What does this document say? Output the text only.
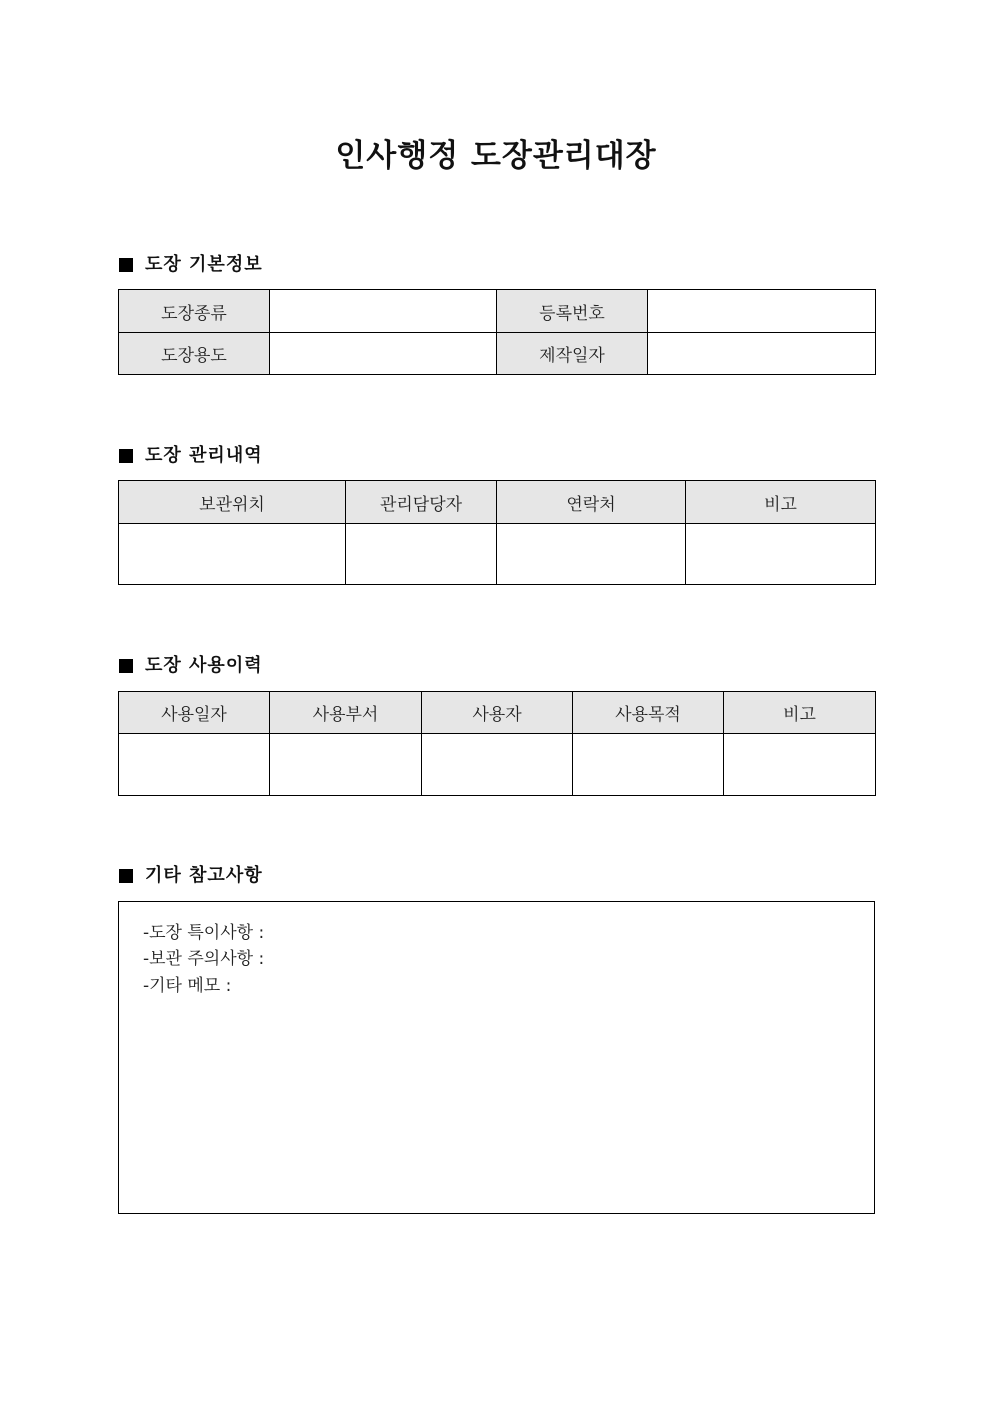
인사행정 도장관리대장
도장 기본정보
도장종류		등록번호	
도장용도		제작일자	
도장 관리내역
보관위치	관리담당자	연락처	비고

도장 사용이력
사용일자	사용부서	사용자	사용목적	비고

기타 참고사항
-도장 특이사항 :
-보관 주의사항 :
-기타 메모 :
